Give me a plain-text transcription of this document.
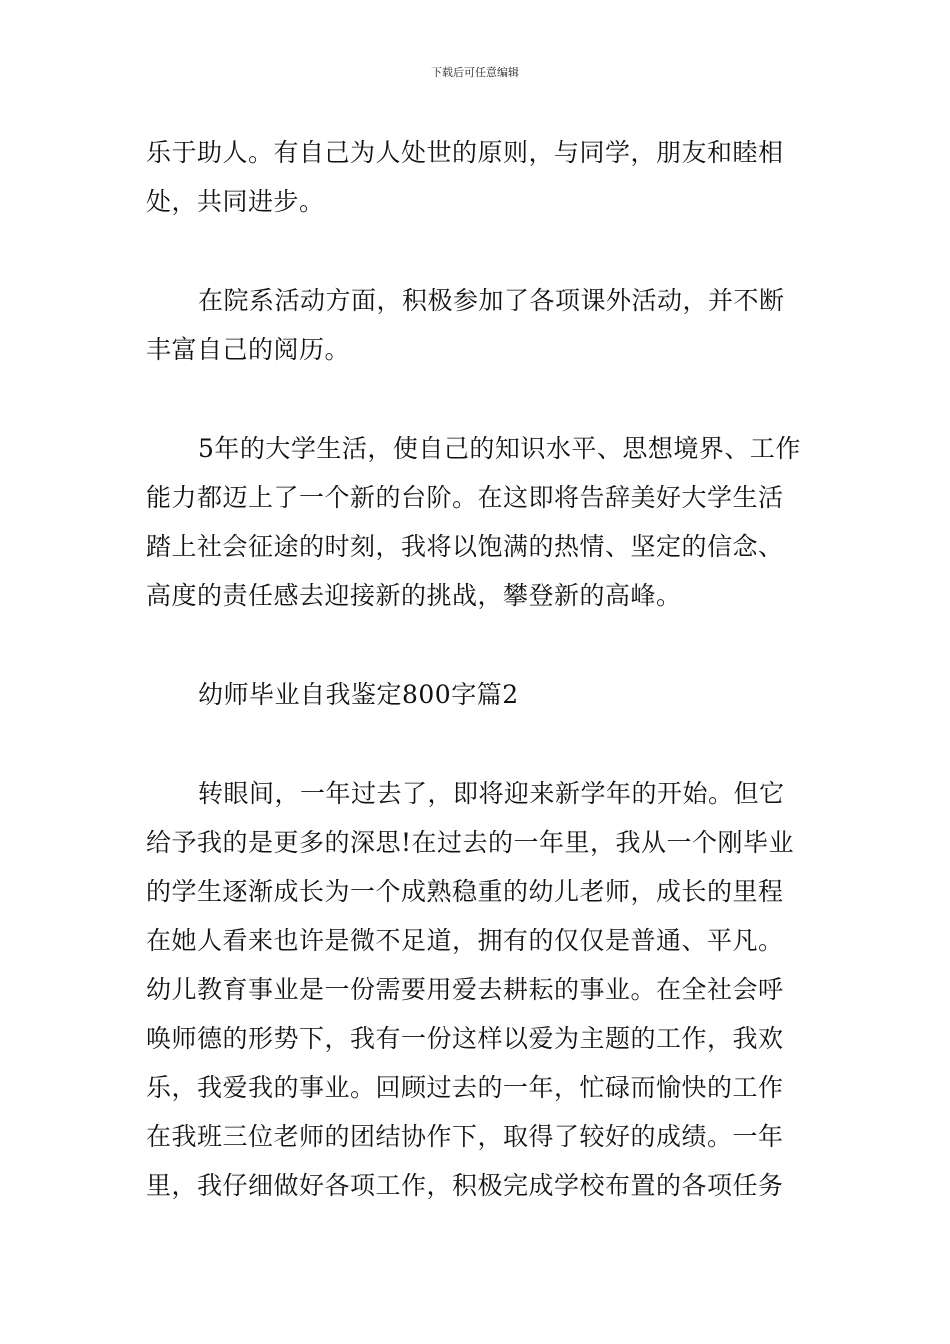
下载后可任意编辑
乐于助人。有自己为人处世的原则，与同学，朋友和睦相
处，共同进步。
在院系活动方面，积极参加了各项课外活动，并不断
丰富自己的阅历。
5年的大学生活，使自己的知识水平、思想境界、工作
能力都迈上了一个新的台阶。在这即将告辞美好大学生活
踏上社会征途的时刻，我将以饱满的热情、坚定的信念、
高度的责任感去迎接新的挑战，攀登新的高峰。
幼师毕业自我鉴定800字篇2
转眼间，一年过去了，即将迎来新学年的开始。但它
给予我的是更多的深思!在过去的一年里，我从一个刚毕业
的学生逐渐成长为一个成熟稳重的幼儿老师，成长的里程
在她人看来也许是微不足道，拥有的仅仅是普通、平凡。
幼儿教育事业是一份需要用爱去耕耘的事业。在全社会呼
唤师德的形势下，我有一份这样以爱为主题的工作，我欢
乐，我爱我的事业。回顾过去的一年，忙碌而愉快的工作
在我班三位老师的团结协作下，取得了较好的成绩。一年
里，我仔细做好各项工作，积极完成学校布置的各项任务
